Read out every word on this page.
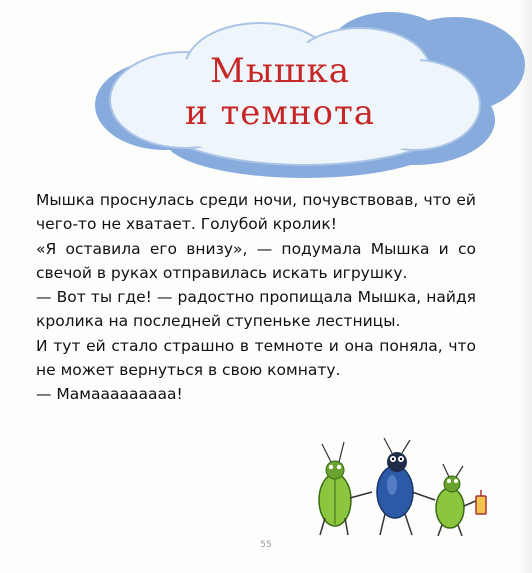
Мышка
и темнота

Мышка проснулась среди ночи, почувствовав, что ей чего-то не хватает. Голубой кролик!

«Я оставила его внизу», — подумала Мышка и со свечой в руках отправилась искать игрушку.

— Вот ты где! — радостно пропищала Мышка, найдя кролика на последней ступеньке лестницы.

И тут ей стало страшно в темноте и она поняла, что не может вернуться в свою комнату.

— Мамааааааааа!

55
